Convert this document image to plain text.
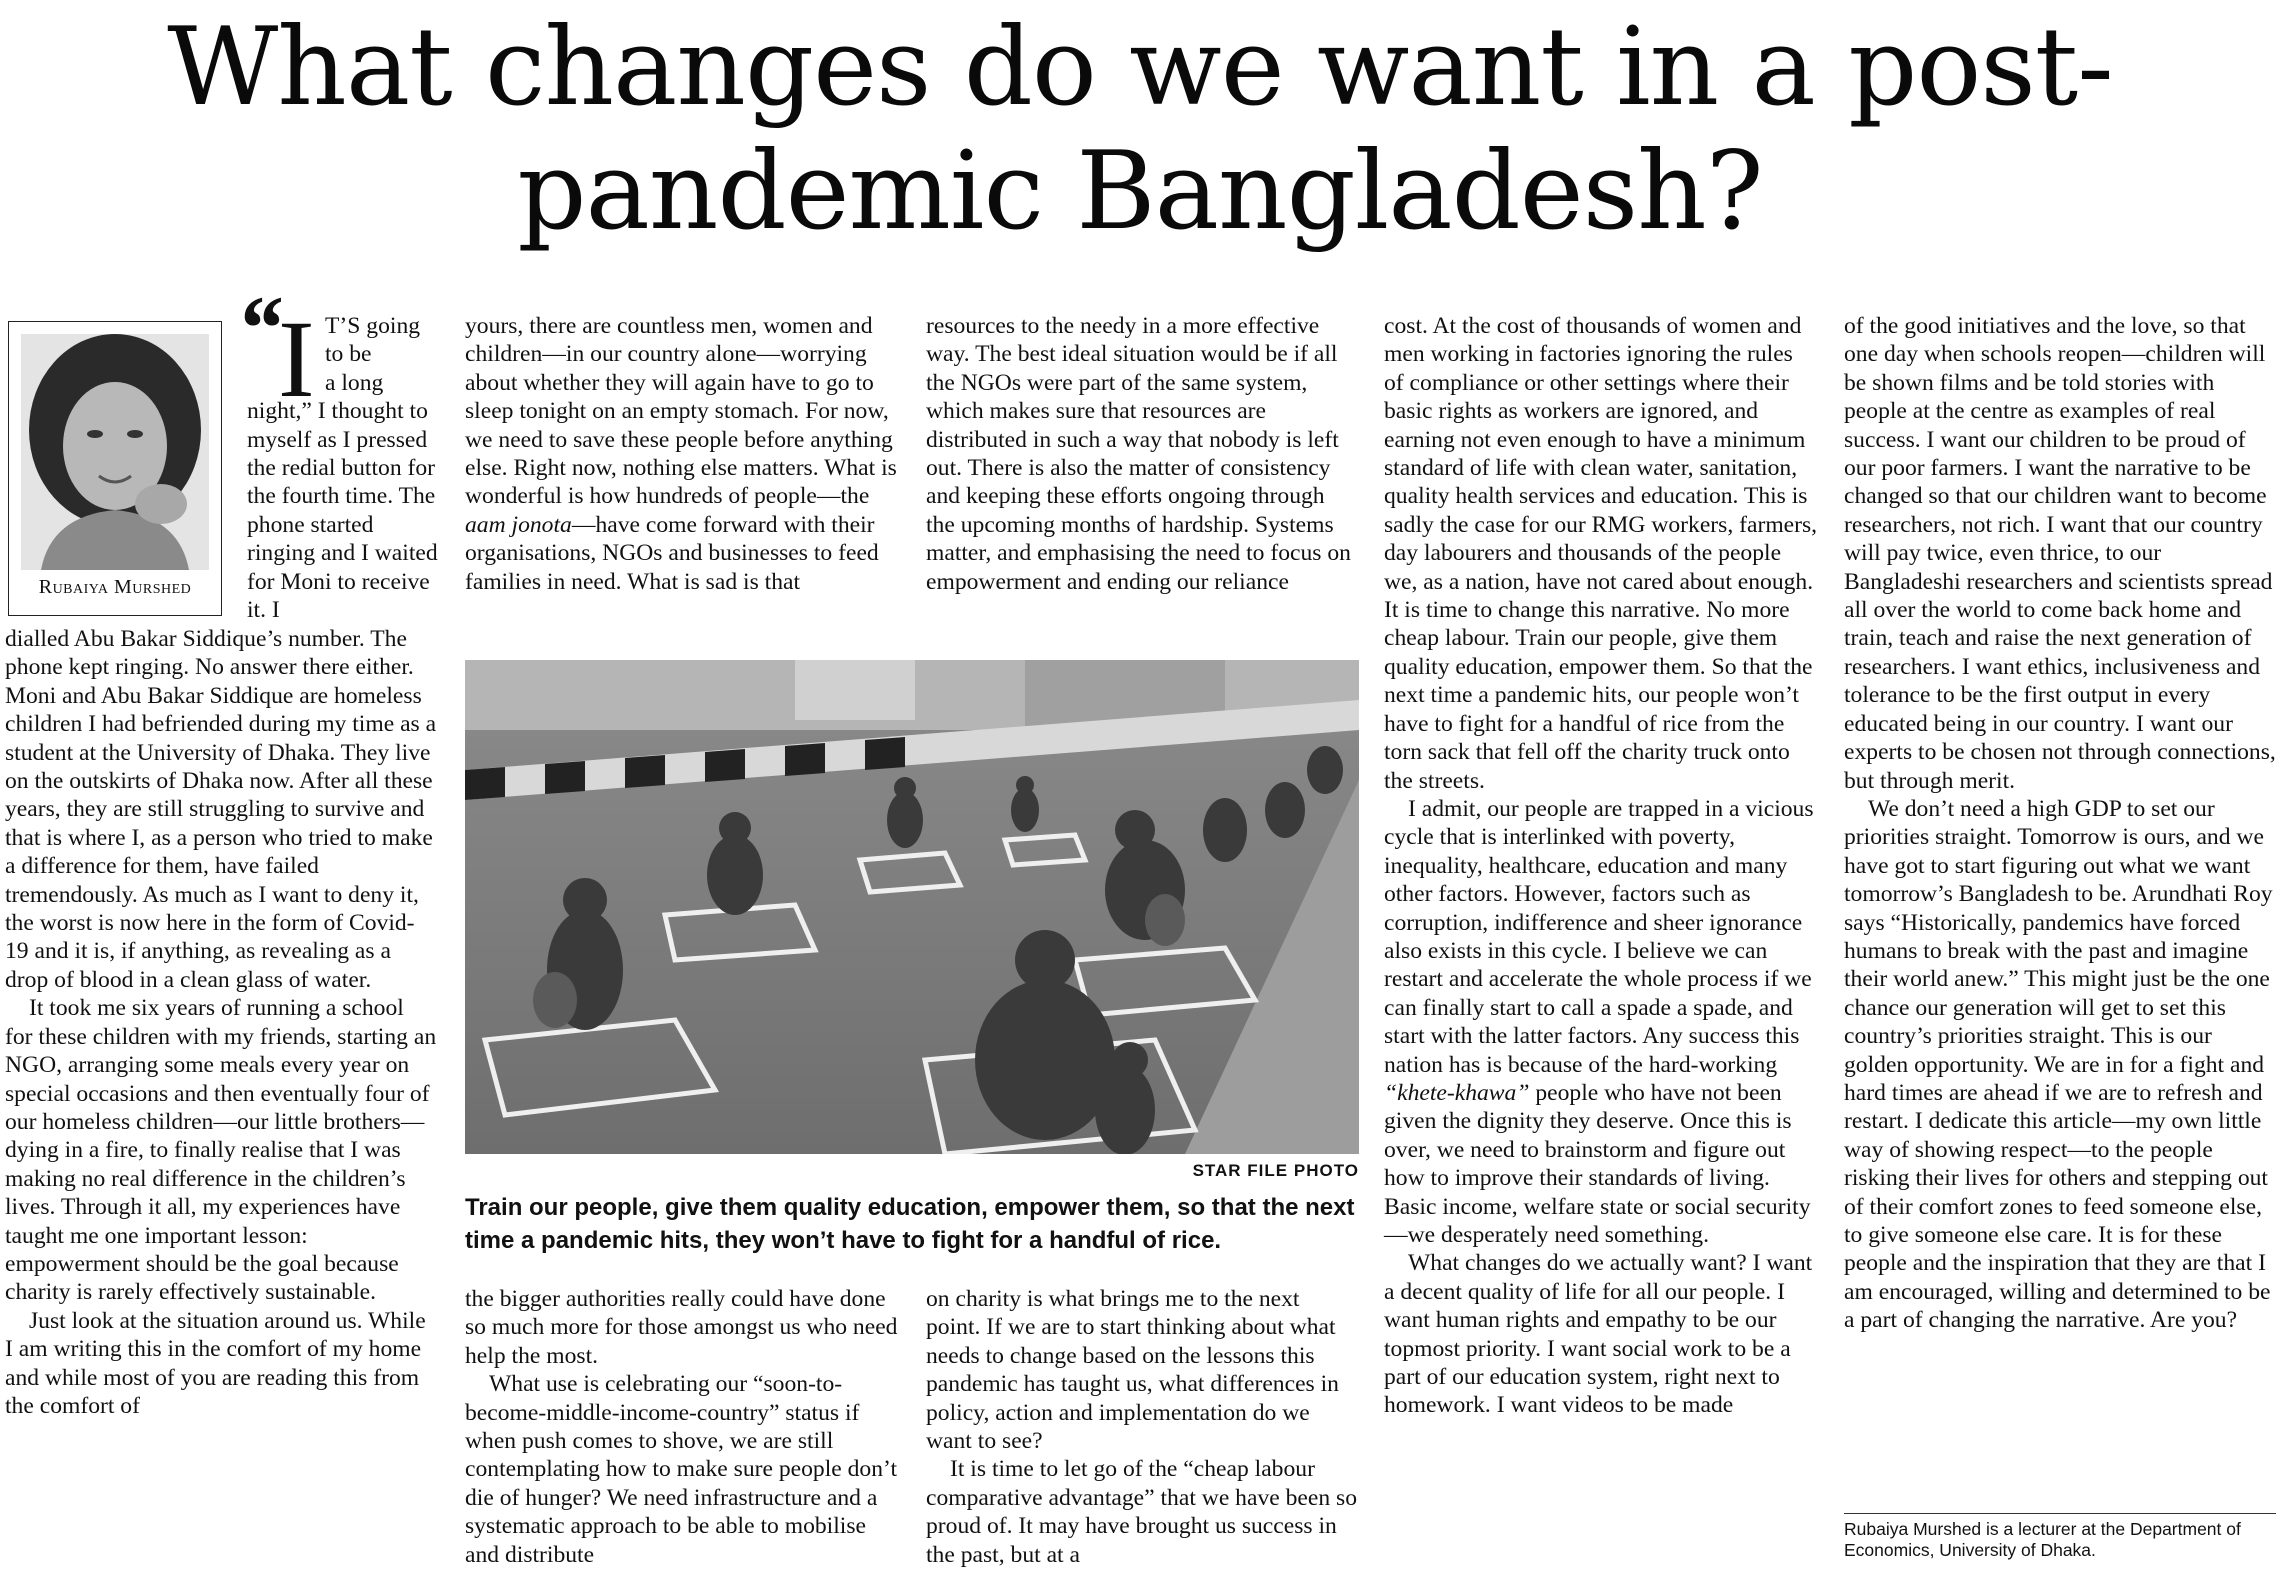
What changes do we want in a post-pandemic Bangladesh?
Rubaiya Murshed
“
I T’S going
to be
a long
night,” I thought to myself as I pressed the redial button for the fourth time. The phone started ringing and I waited for Moni to receive it. I

dialled Abu Bakar Siddique’s number. The phone kept ringing. No answer there either. Moni and Abu Bakar Siddique are homeless children I had befriended during my time as a student at the University of Dhaka. They live on the outskirts of Dhaka now. After all these years, they are still struggling to survive and that is where I, as a person who tried to make a difference for them, have failed tremendously. As much as I want to deny it, the worst is now here in the form of Covid-19 and it is, if anything, as revealing as a drop of blood in a clean glass of water.

It took me six years of running a school for these children with my friends, starting an NGO, arranging some meals every year on special occasions and then eventually four of our homeless children—our little brothers—dying in a fire, to finally realise that I was making no real difference in the children’s lives. Through it all, my experiences have taught me one important lesson: empowerment should be the goal because charity is rarely effectively sustainable.

Just look at the situation around us. While I am writing this in the comfort of my home and while most of you are reading this from the comfort of

yours, there are countless men, women and children—in our country alone—worrying about whether they will again have to go to sleep tonight on an empty stomach. For now, we need to save these people before anything else. Right now, nothing else matters. What is wonderful is how hundreds of people—the aam jonota—have come forward with their organisations, NGOs and businesses to feed families in need. What is sad is that

resources to the needy in a more effective way. The best ideal situation would be if all the NGOs were part of the same system, which makes sure that resources are distributed in such a way that nobody is left out. There is also the matter of consistency and keeping these efforts ongoing through the upcoming months of hardship. Systems matter, and emphasising the need to focus on empowerment and ending our reliance

STAR FILE PHOTO
Train our people, give them quality education, empower them, so that the next time a pandemic hits, they won’t have to fight for a handful of rice.

the bigger authorities really could have done so much more for those amongst us who need help the most.

What use is celebrating our “soon-to-become-middle-income-country” status if when push comes to shove, we are still contemplating how to make sure people don’t die of hunger? We need infrastructure and a systematic approach to be able to mobilise and distribute

on charity is what brings me to the next point. If we are to start thinking about what needs to change based on the lessons this pandemic has taught us, what differences in policy, action and implementation do we want to see?

It is time to let go of the “cheap labour comparative advantage” that we have been so proud of. It may have brought us success in the past, but at a

cost. At the cost of thousands of women and men working in factories ignoring the rules of compliance or other settings where their basic rights as workers are ignored, and earning not even enough to have a minimum standard of life with clean water, sanitation, quality health services and education. This is sadly the case for our RMG workers, farmers, day labourers and thousands of the people we, as a nation, have not cared about enough. It is time to change this narrative. No more cheap labour. Train our people, give them quality education, empower them. So that the next time a pandemic hits, our people won’t have to fight for a handful of rice from the torn sack that fell off the charity truck onto the streets.

I admit, our people are trapped in a vicious cycle that is interlinked with poverty, inequality, healthcare, education and many other factors. However, factors such as corruption, indifference and sheer ignorance also exists in this cycle. I believe we can restart and accelerate the whole process if we can finally start to call a spade a spade, and start with the latter factors. Any success this nation has is because of the hard-working “khete-khawa” people who have not been given the dignity they deserve. Once this is over, we need to brainstorm and figure out how to improve their standards of living. Basic income, welfare state or social security—we desperately need something.

What changes do we actually want? I want a decent quality of life for all our people. I want human rights and empathy to be our topmost priority. I want social work to be a part of our education system, right next to homework. I want videos to be made

of the good initiatives and the love, so that one day when schools reopen—children will be shown films and be told stories with people at the centre as examples of real success. I want our children to be proud of our poor farmers. I want the narrative to be changed so that our children want to become researchers, not rich. I want that our country will pay twice, even thrice, to our Bangladeshi researchers and scientists spread all over the world to come back home and train, teach and raise the next generation of researchers. I want ethics, inclusiveness and tolerance to be the first output in every educated being in our country. I want our experts to be chosen not through connections, but through merit.

We don’t need a high GDP to set our priorities straight. Tomorrow is ours, and we have got to start figuring out what we want tomorrow’s Bangladesh to be. Arundhati Roy says “Historically, pandemics have forced humans to break with the past and imagine their world anew.” This might just be the one chance our generation will get to set this country’s priorities straight. This is our golden opportunity. We are in for a fight and hard times are ahead if we are to refresh and restart. I dedicate this article—my own little way of showing respect—to the people risking their lives for others and stepping out of their comfort zones to feed someone else, to give someone else care. It is for these people and the inspiration that they are that I am encouraged, willing and determined to be a part of changing the narrative. Are you?

Rubaiya Murshed is a lecturer at the Department of Economics, University of Dhaka.
